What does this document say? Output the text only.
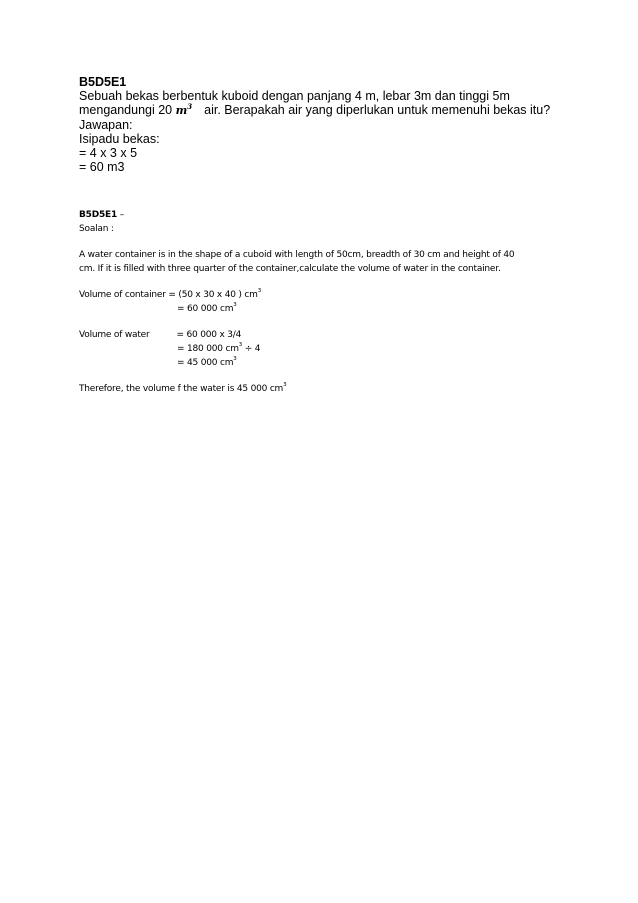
B5D5E1
Sebuah bekas berbentuk kuboid dengan panjang 4 m, lebar 3m dan tinggi 5m
mengandungi 20 $m^3$ air. Berapakah air yang diperlukan untuk memenuhi bekas itu?
Jawapan:
Isipadu bekas:
= 4 x 3 x 5
= 60 m3
B5D5E1 –
Soalan :
A water container is in the shape of a cuboid with length of 50cm, breadth of 30 cm and height of 40
cm. If it is filled with three quarter of the container,calculate the volume of water in the container.
Volume of container = (50 x 30 x 40 ) $cm^3$
= 60 000 $cm^3$
Volume of water	= 60 000 x 3/4
= 180 000 $cm^3 \div 4$
= 45 000 $cm^3$
Therefore, the volume f the water is 45 000 $cm^3$
